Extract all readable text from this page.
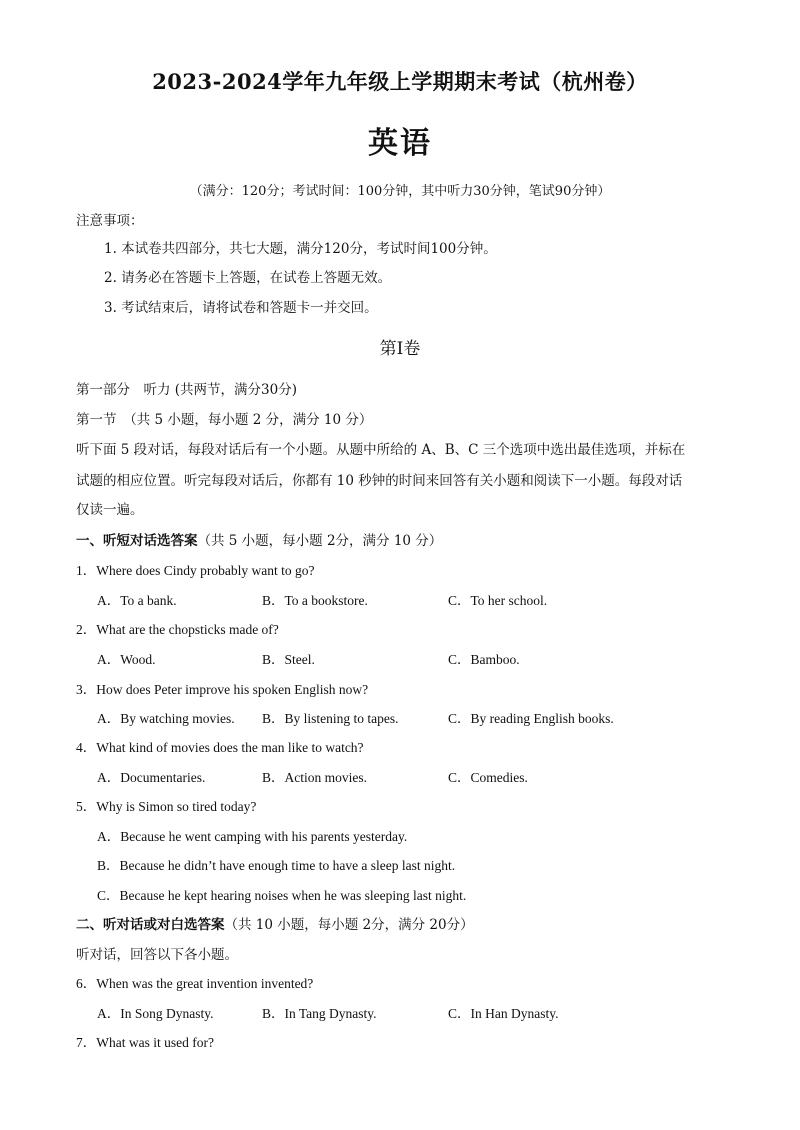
2023-2024学年九年级上学期期末考试（杭州卷）
英语
（满分：120分；考试时间：100分钟，其中听力30分钟，笔试90分钟）
注意事项：
1. 本试卷共四部分，共七大题，满分120分，考试时间100分钟。
2. 请务必在答题卡上答题，在试卷上答题无效。
3. 考试结束后，请将试卷和答题卡一并交回。
第I卷
第一部分　听力 (共两节，满分30分)
第一节　（共 5 小题，每小题 2 分，满分 10 分）
听下面 5 段对话，每段对话后有一个小题。从题中所给的 A、B、C 三个选项中选出最佳选项，并标在
试题的相应位置。听完每段对话后，你都有 10 秒钟的时间来回答有关小题和阅读下一小题。每段对话
仅读一遍。
一、听短对话选答案（共 5 小题，每小题 2分，满分 10 分）
1．Where does Cindy probably want to go?
A．To a bank.	B．To a bookstore.	C．To her school.
2．What are the chopsticks made of?
A．Wood.	B．Steel.	C．Bamboo.
3．How does Peter improve his spoken English now?
A．By watching movies. B．By listening to tapes.	C．By reading English books.
4．What kind of movies does the man like to watch?
A．Documentaries.	B．Action movies.	C．Comedies.
5．Why is Simon so tired today?
A．Because he went camping with his parents yesterday.
B．Because he didn’t have enough time to have a sleep last night.
C．Because he kept hearing noises when he was sleeping last night.
二、听对话或对白选答案（共 10 小题，每小题 2分，满分 20分）
听对话，回答以下各小题。
6．When was the great invention invented?
A．In Song Dynasty.	B．In Tang Dynasty.	C．In Han Dynasty.
7．What was it used for?
